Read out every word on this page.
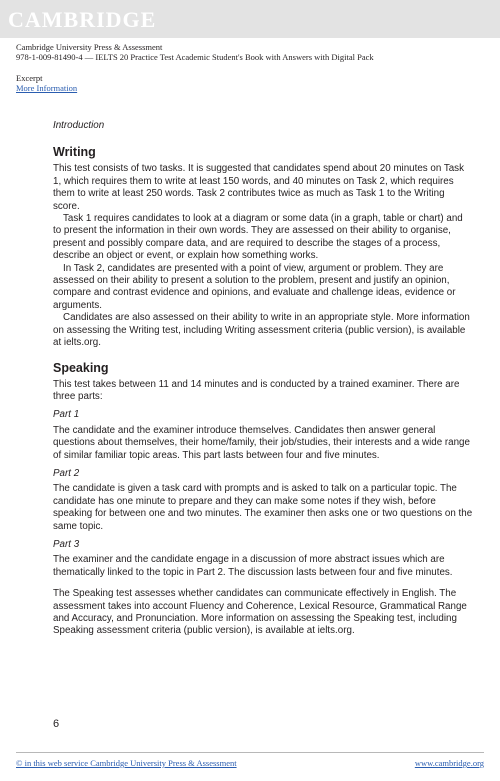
CAMBRIDGE
Cambridge University Press & Assessment
978-1-009-81490-4 — IELTS 20 Practice Test Academic Student's Book with Answers with Digital Pack
Excerpt
More Information

Introduction

Writing

This test consists of two tasks. It is suggested that candidates spend about 20 minutes on Task 1, which requires them to write at least 150 words, and 40 minutes on Task 2, which requires them to write at least 250 words. Task 2 contributes twice as much as Task 1 to the Writing score.

Task 1 requires candidates to look at a diagram or some data (in a graph, table or chart) and to present the information in their own words. They are assessed on their ability to organise, present and possibly compare data, and are required to describe the stages of a process, describe an object or event, or explain how something works.

In Task 2, candidates are presented with a point of view, argument or problem. They are assessed on their ability to present a solution to the problem, present and justify an opinion, compare and contrast evidence and opinions, and evaluate and challenge ideas, evidence or arguments.

Candidates are also assessed on their ability to write in an appropriate style. More information on assessing the Writing test, including Writing assessment criteria (public version), is available at ielts.org.

Speaking

This test takes between 11 and 14 minutes and is conducted by a trained examiner. There are three parts:

Part 1

The candidate and the examiner introduce themselves. Candidates then answer general questions about themselves, their home/family, their job/studies, their interests and a wide range of similar familiar topic areas. This part lasts between four and five minutes.

Part 2

The candidate is given a task card with prompts and is asked to talk on a particular topic. The candidate has one minute to prepare and they can make some notes if they wish, before speaking for between one and two minutes. The examiner then asks one or two questions on the same topic.

Part 3

The examiner and the candidate engage in a discussion of more abstract issues which are thematically linked to the topic in Part 2. The discussion lasts between four and five minutes.

The Speaking test assesses whether candidates can communicate effectively in English. The assessment takes into account Fluency and Coherence, Lexical Resource, Grammatical Range and Accuracy, and Pronunciation. More information on assessing the Speaking test, including Speaking assessment criteria (public version), is available at ielts.org.

6
© in this web service Cambridge University Press & Assessment	www.cambridge.org
